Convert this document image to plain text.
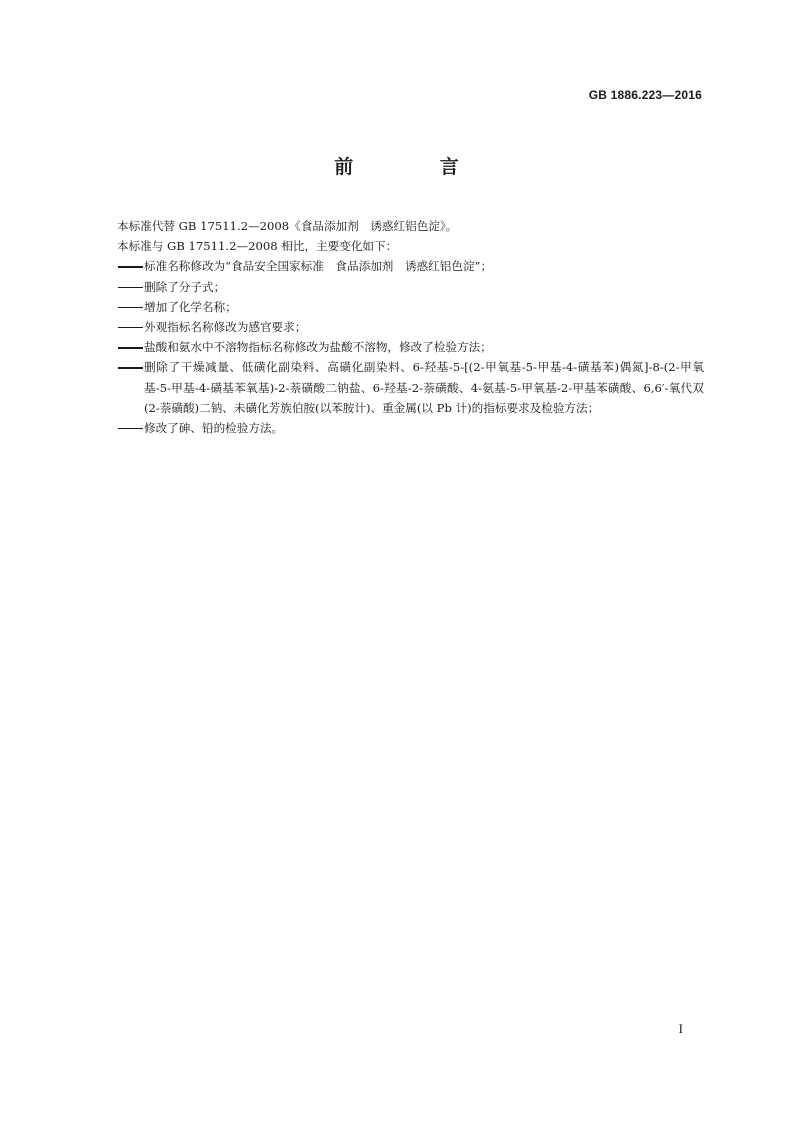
GB 1886.223—2016
前 言

本标准代替 GB 17511.2—2008《食品添加剂　诱惑红铝色淀》。

本标准与 GB 17511.2—2008 相比，主要变化如下：

标准名称修改为“食品安全国家标准　食品添加剂　诱惑红铝色淀”；
删除了分子式；
增加了化学名称；
外观指标名称修改为感官要求；
盐酸和氨水中不溶物指标名称修改为盐酸不溶物，修改了检验方法；
删除了干燥减量、低磺化副染料、高磺化副染料、6-羟基-5-[(2-甲氧基-5-甲基-4-磺基苯)偶氮]-8-(2-甲氧基-5-甲基-4-磺基苯氧基)-2-萘磺酸二钠盐、6-羟基-2-萘磺酸、4-氨基-5-甲氧基-2-甲基苯磺酸、6,6′-氧代双(2-萘磺酸)二钠、未磺化芳族伯胺(以苯胺计)、重金属(以 Pb 计)的指标要求及检验方法；
修改了砷、铅的检验方法。
I
